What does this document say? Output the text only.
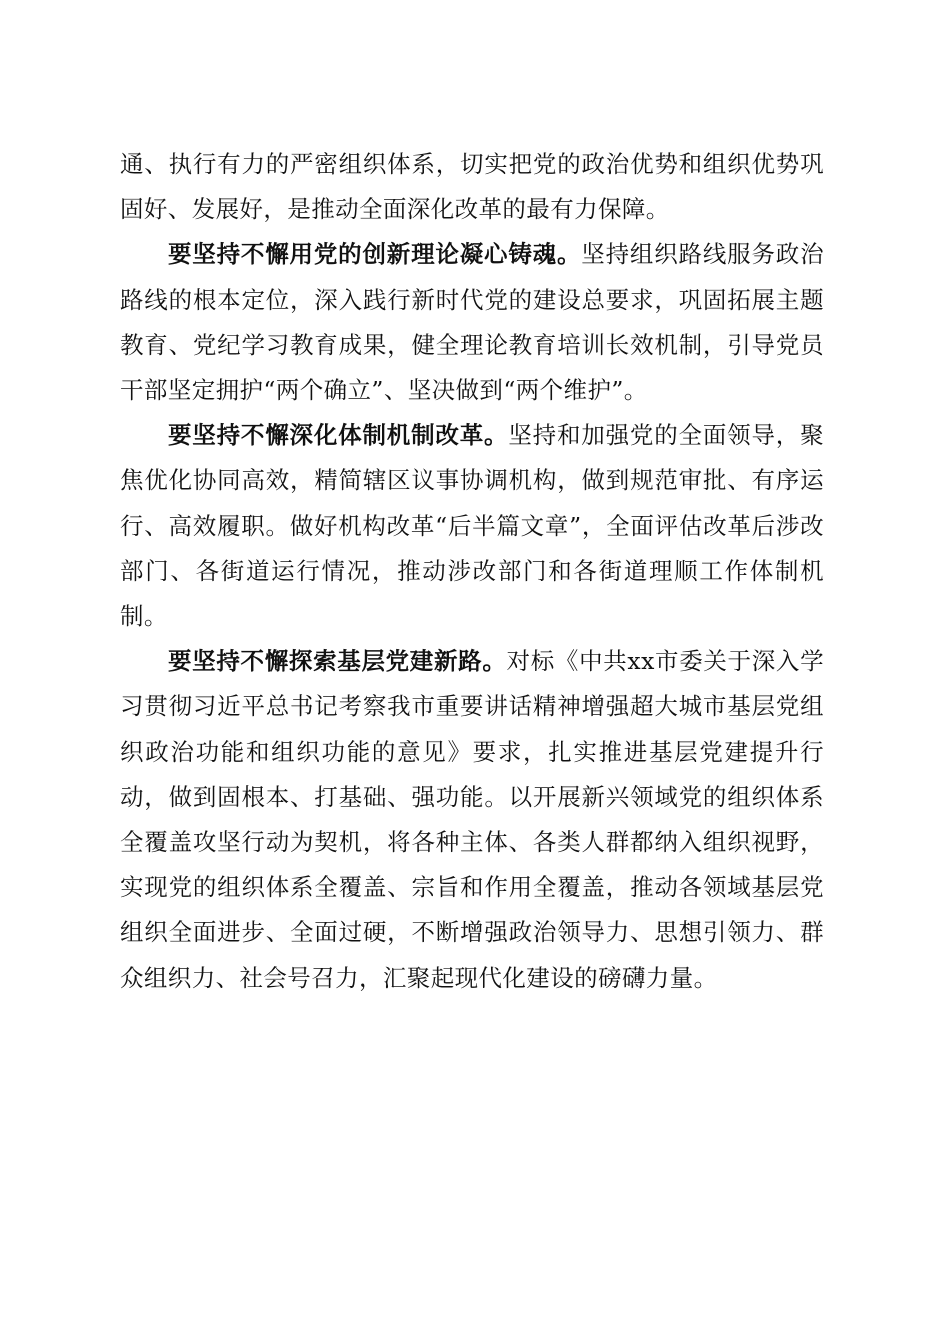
通、执行有力的严密组织体系，切实把党的政治优势和组织优势巩固好、发展好，是推动全面深化改革的最有力保障。

要坚持不懈用党的创新理论凝心铸魂。坚持组织路线服务政治路线的根本定位，深入践行新时代党的建设总要求，巩固拓展主题教育、党纪学习教育成果，健全理论教育培训长效机制，引导党员干部坚定拥护“两个确立”、坚决做到“两个维护”。

要坚持不懈深化体制机制改革。坚持和加强党的全面领导，聚焦优化协同高效，精简辖区议事协调机构，做到规范审批、有序运行、高效履职。做好机构改革“后半篇文章”，全面评估改革后涉改部门、各街道运行情况，推动涉改部门和各街道理顺工作体制机制。

要坚持不懈探索基层党建新路。对标《中共xx市委关于深入学习贯彻习近平总书记考察我市重要讲话精神增强超大城市基层党组织政治功能和组织功能的意见》要求，扎实推进基层党建提升行动，做到固根本、打基础、强功能。以开展新兴领域党的组织体系全覆盖攻坚行动为契机，将各种主体、各类人群都纳入组织视野，实现党的组织体系全覆盖、宗旨和作用全覆盖，推动各领域基层党组织全面进步、全面过硬，不断增强政治领导力、思想引领力、群众组织力、社会号召力，汇聚起现代化建设的磅礴力量。
